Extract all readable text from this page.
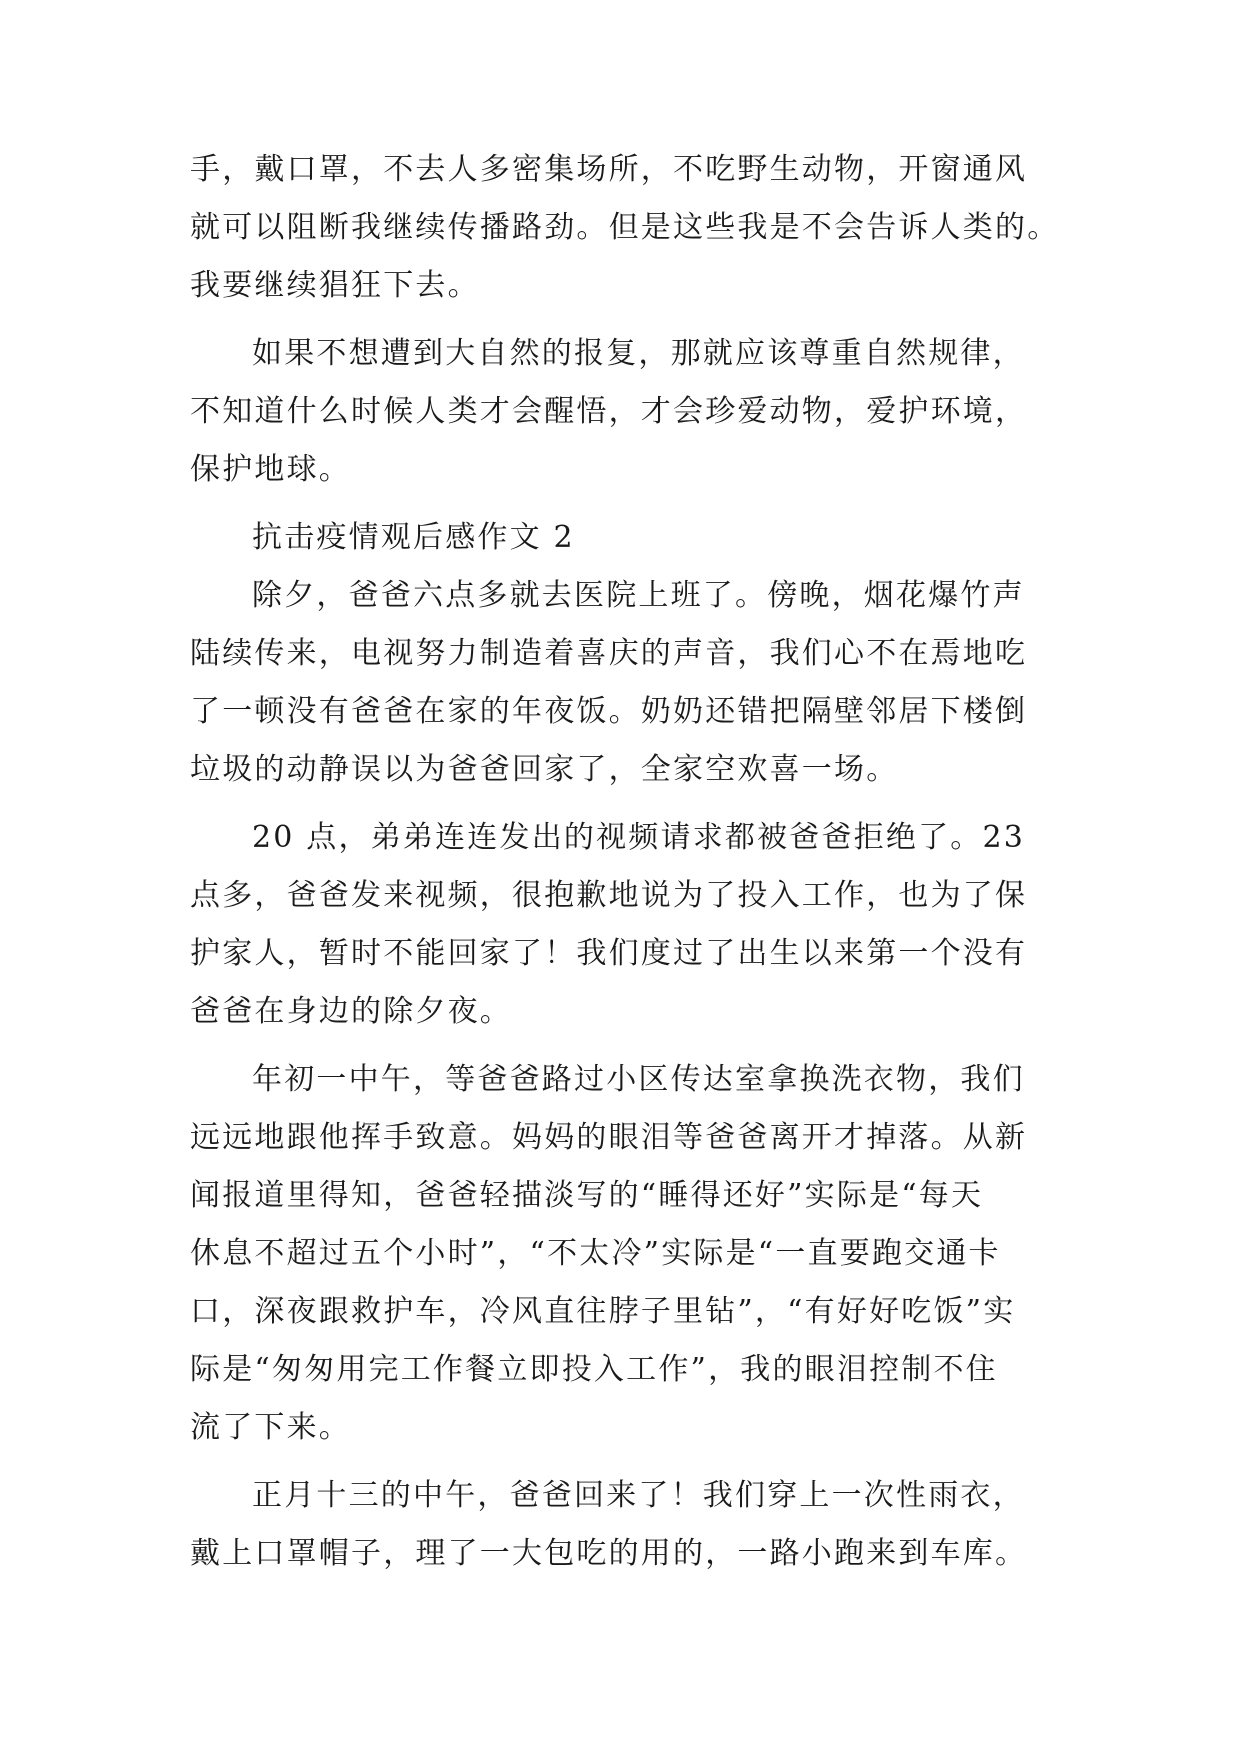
手，戴口罩，不去人多密集场所，不吃野生动物，开窗通风
就可以阻断我继续传播路劲。但是这些我是不会告诉人类的。
我要继续猖狂下去。
如果不想遭到大自然的报复，那就应该尊重自然规律，
不知道什么时候人类才会醒悟，才会珍爱动物，爱护环境，
保护地球。
抗击疫情观后感作文 2
除夕，爸爸六点多就去医院上班了。傍晚，烟花爆竹声
陆续传来，电视努力制造着喜庆的声音，我们心不在焉地吃
了一顿没有爸爸在家的年夜饭。奶奶还错把隔壁邻居下楼倒
垃圾的动静误以为爸爸回家了，全家空欢喜一场。
20 点，弟弟连连发出的视频请求都被爸爸拒绝了。23
点多，爸爸发来视频，很抱歉地说为了投入工作，也为了保
护家人，暂时不能回家了！我们度过了出生以来第一个没有
爸爸在身边的除夕夜。
年初一中午，等爸爸路过小区传达室拿换洗衣物，我们
远远地跟他挥手致意。妈妈的眼泪等爸爸离开才掉落。从新
闻报道里得知，爸爸轻描淡写的“睡得还好”实际是“每天
休息不超过五个小时”，“不太冷”实际是“一直要跑交通卡
口，深夜跟救护车，冷风直往脖子里钻”，“有好好吃饭”实
际是“匆匆用完工作餐立即投入工作”，我的眼泪控制不住
流了下来。
正月十三的中午，爸爸回来了！我们穿上一次性雨衣，
戴上口罩帽子，理了一大包吃的用的，一路小跑来到车库。
